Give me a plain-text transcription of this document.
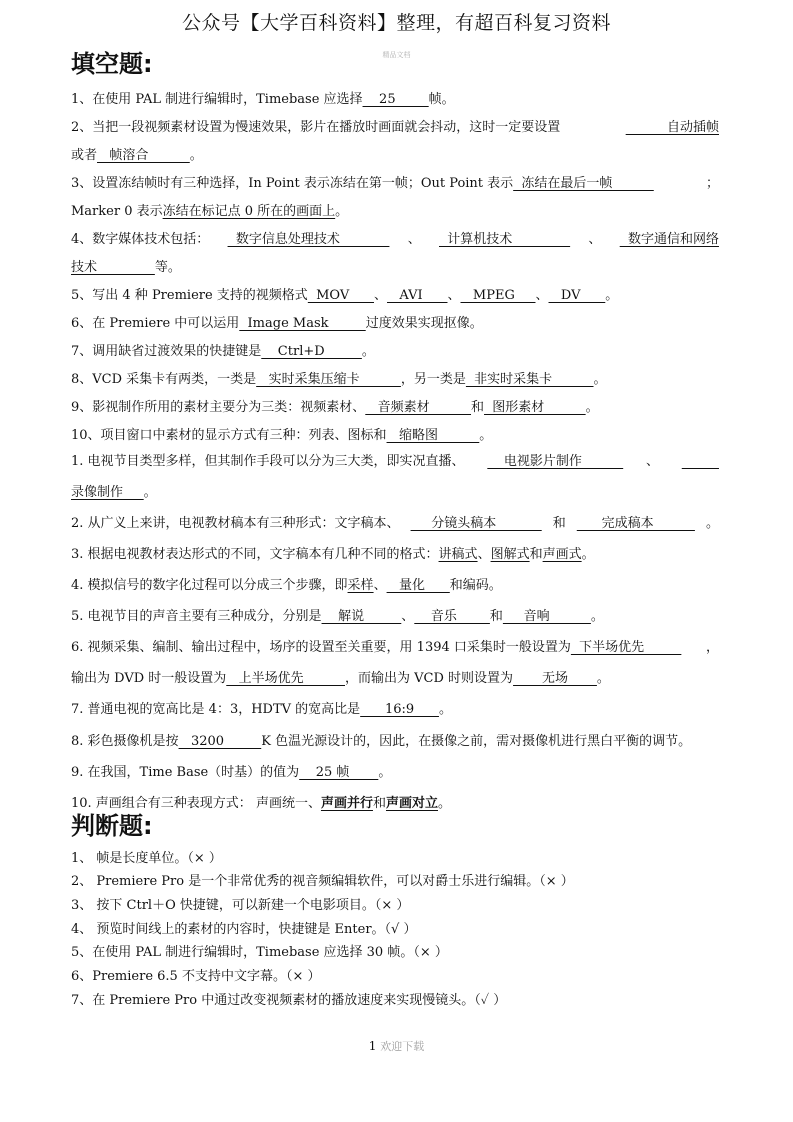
公众号【大学百科资料】整理，有超百科复习资料
精品文档
填空题:
1、在使用 PAL 制进行编辑时，Timebase 应选择    25        帧。
2、当把一段视频素材设置为慢速效果，影片在播放时画面就会抖动，这时一定要设置	自动插帧
或者   帧溶合          。
3、设置冻结帧时有三种选择，In Point 表示冻结在第一帧；Out Point 表示  冻结在最后一帧	；
Marker 0 表示冻结在标记点 0 所在的画面上。
4、数字媒体技术包括： 数字信息处理技术 、 计算机技术 、 数字通信和网络
技术              等。
5、写出 4 种 Premiere 支持的视频格式  MOV      、   AVI      、   MPEG     、   DV      。
6、在 Premiere 中可以运用  Image Mask         过度效果实现抠像。
7、调用缺省过渡效果的快捷键是    Ctrl+D         。
8、VCD 采集卡有两类，一类是   实时采集压缩卡          ，另一类是  非实时采集卡          。
9、影视制作所用的素材主要分为三类：视频素材、   音频素材          和  图形素材          。
10、项目窗口中素材的显示方式有三种：列表、图标和   缩略图          。
1. 电视节目类型多样，但其制作手段可以分为三大类，即实况直播、 电视影片制作 、

录像制作     。
2. 从广义上来讲，电视教材稿本有三种形式：文字稿本、 分镜头稿本 和 完成稿本 。
3. 根据电视教材表达形式的不同，文字稿本有几种不同的格式：讲稿式、图解式和声画式。
4. 模拟信号的数字化过程可以分成三个步骤，即采样、   量化      和编码。
5. 电视节目的声音主要有三种成分，分别是    解说         、    音乐        和     音响          。
6. 视频采集、编制、输出过程中，场序的设置至关重要，用 1394 口采集时一般设置为  下半场优先 ，
输出为 DVD 时一般设置为   上半场优先          ，而输出为 VCD 时则设置为       无场       。
7. 普通电视的宽高比是 4：3，HDTV 的宽高比是      16:9      。
8. 彩色摄像机是按   3200         K 色温光源设计的，因此，在摄像之前，需对摄像机进行黑白平衡的调节。
9. 在我国，Time Base（时基）的值为    25 帧       。
10. 声画组合有三种表现方式： 声画统一、声画并行和声画对立。
判断题:
1、 帧是长度单位。（× ）
2、 Premiere Pro 是一个非常优秀的视音频编辑软件，可以对爵士乐进行编辑。（× ）
3、 按下 Ctrl＋O 快捷键，可以新建一个电影项目。（× ）
4、 预览时间线上的素材的内容时，快捷键是 Enter。（√ ）
5、在使用 PAL 制进行编辑时，Timebase 应选择 30 帧。（× ）
6、Premiere 6.5 不支持中文字幕。（× ）
7、在 Premiere Pro 中通过改变视频素材的播放速度来实现慢镜头。（✓ ）
1 欢迎下载
